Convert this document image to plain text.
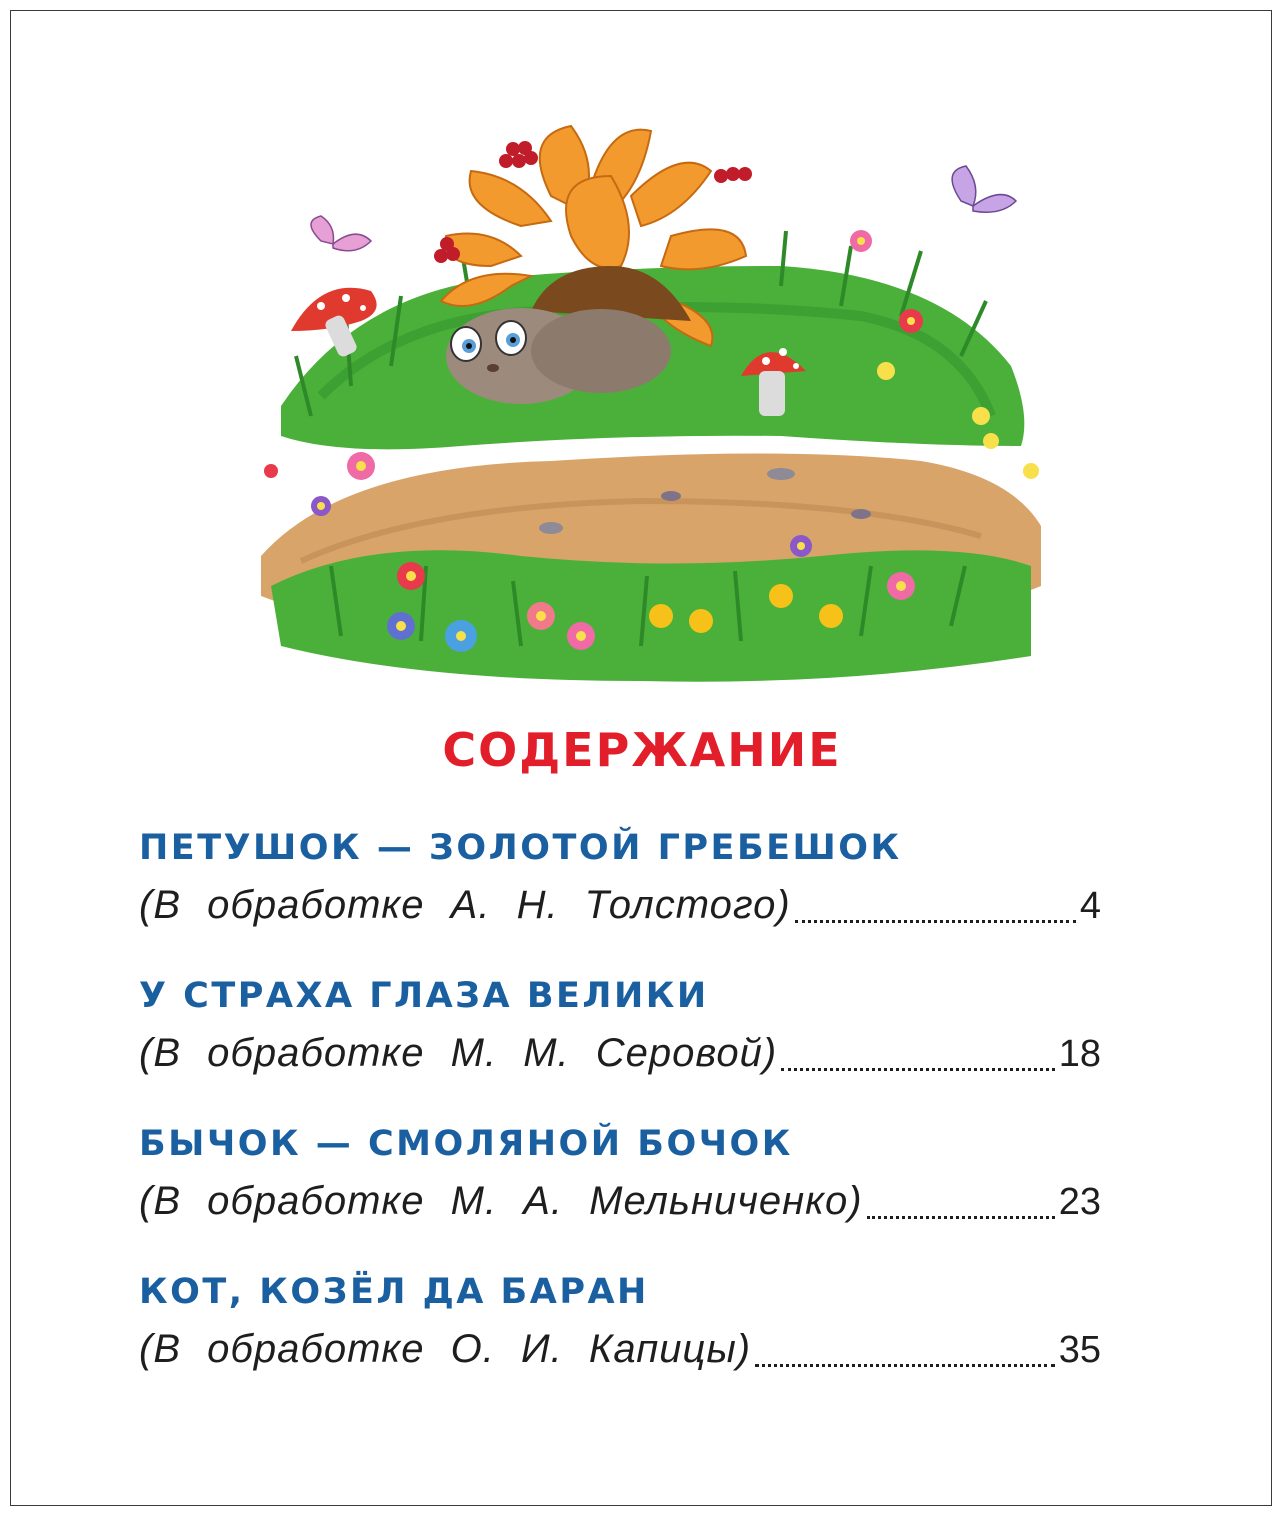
СОДЕРЖАНИЕ
ПЕТУШОК — ЗОЛОТОЙ ГРЕБЕШОК
(В обработке А. Н. Толстого)	4
У СТРАХА ГЛАЗА ВЕЛИКИ
(В обработке М. М. Серовой)	18
БЫЧОК — СМОЛЯНОЙ БОЧОК
(В обработке М. А. Мельниченко)	23
КОТ, КОЗЁЛ ДА БАРАН
(В обработке О. И. Капицы)	35
